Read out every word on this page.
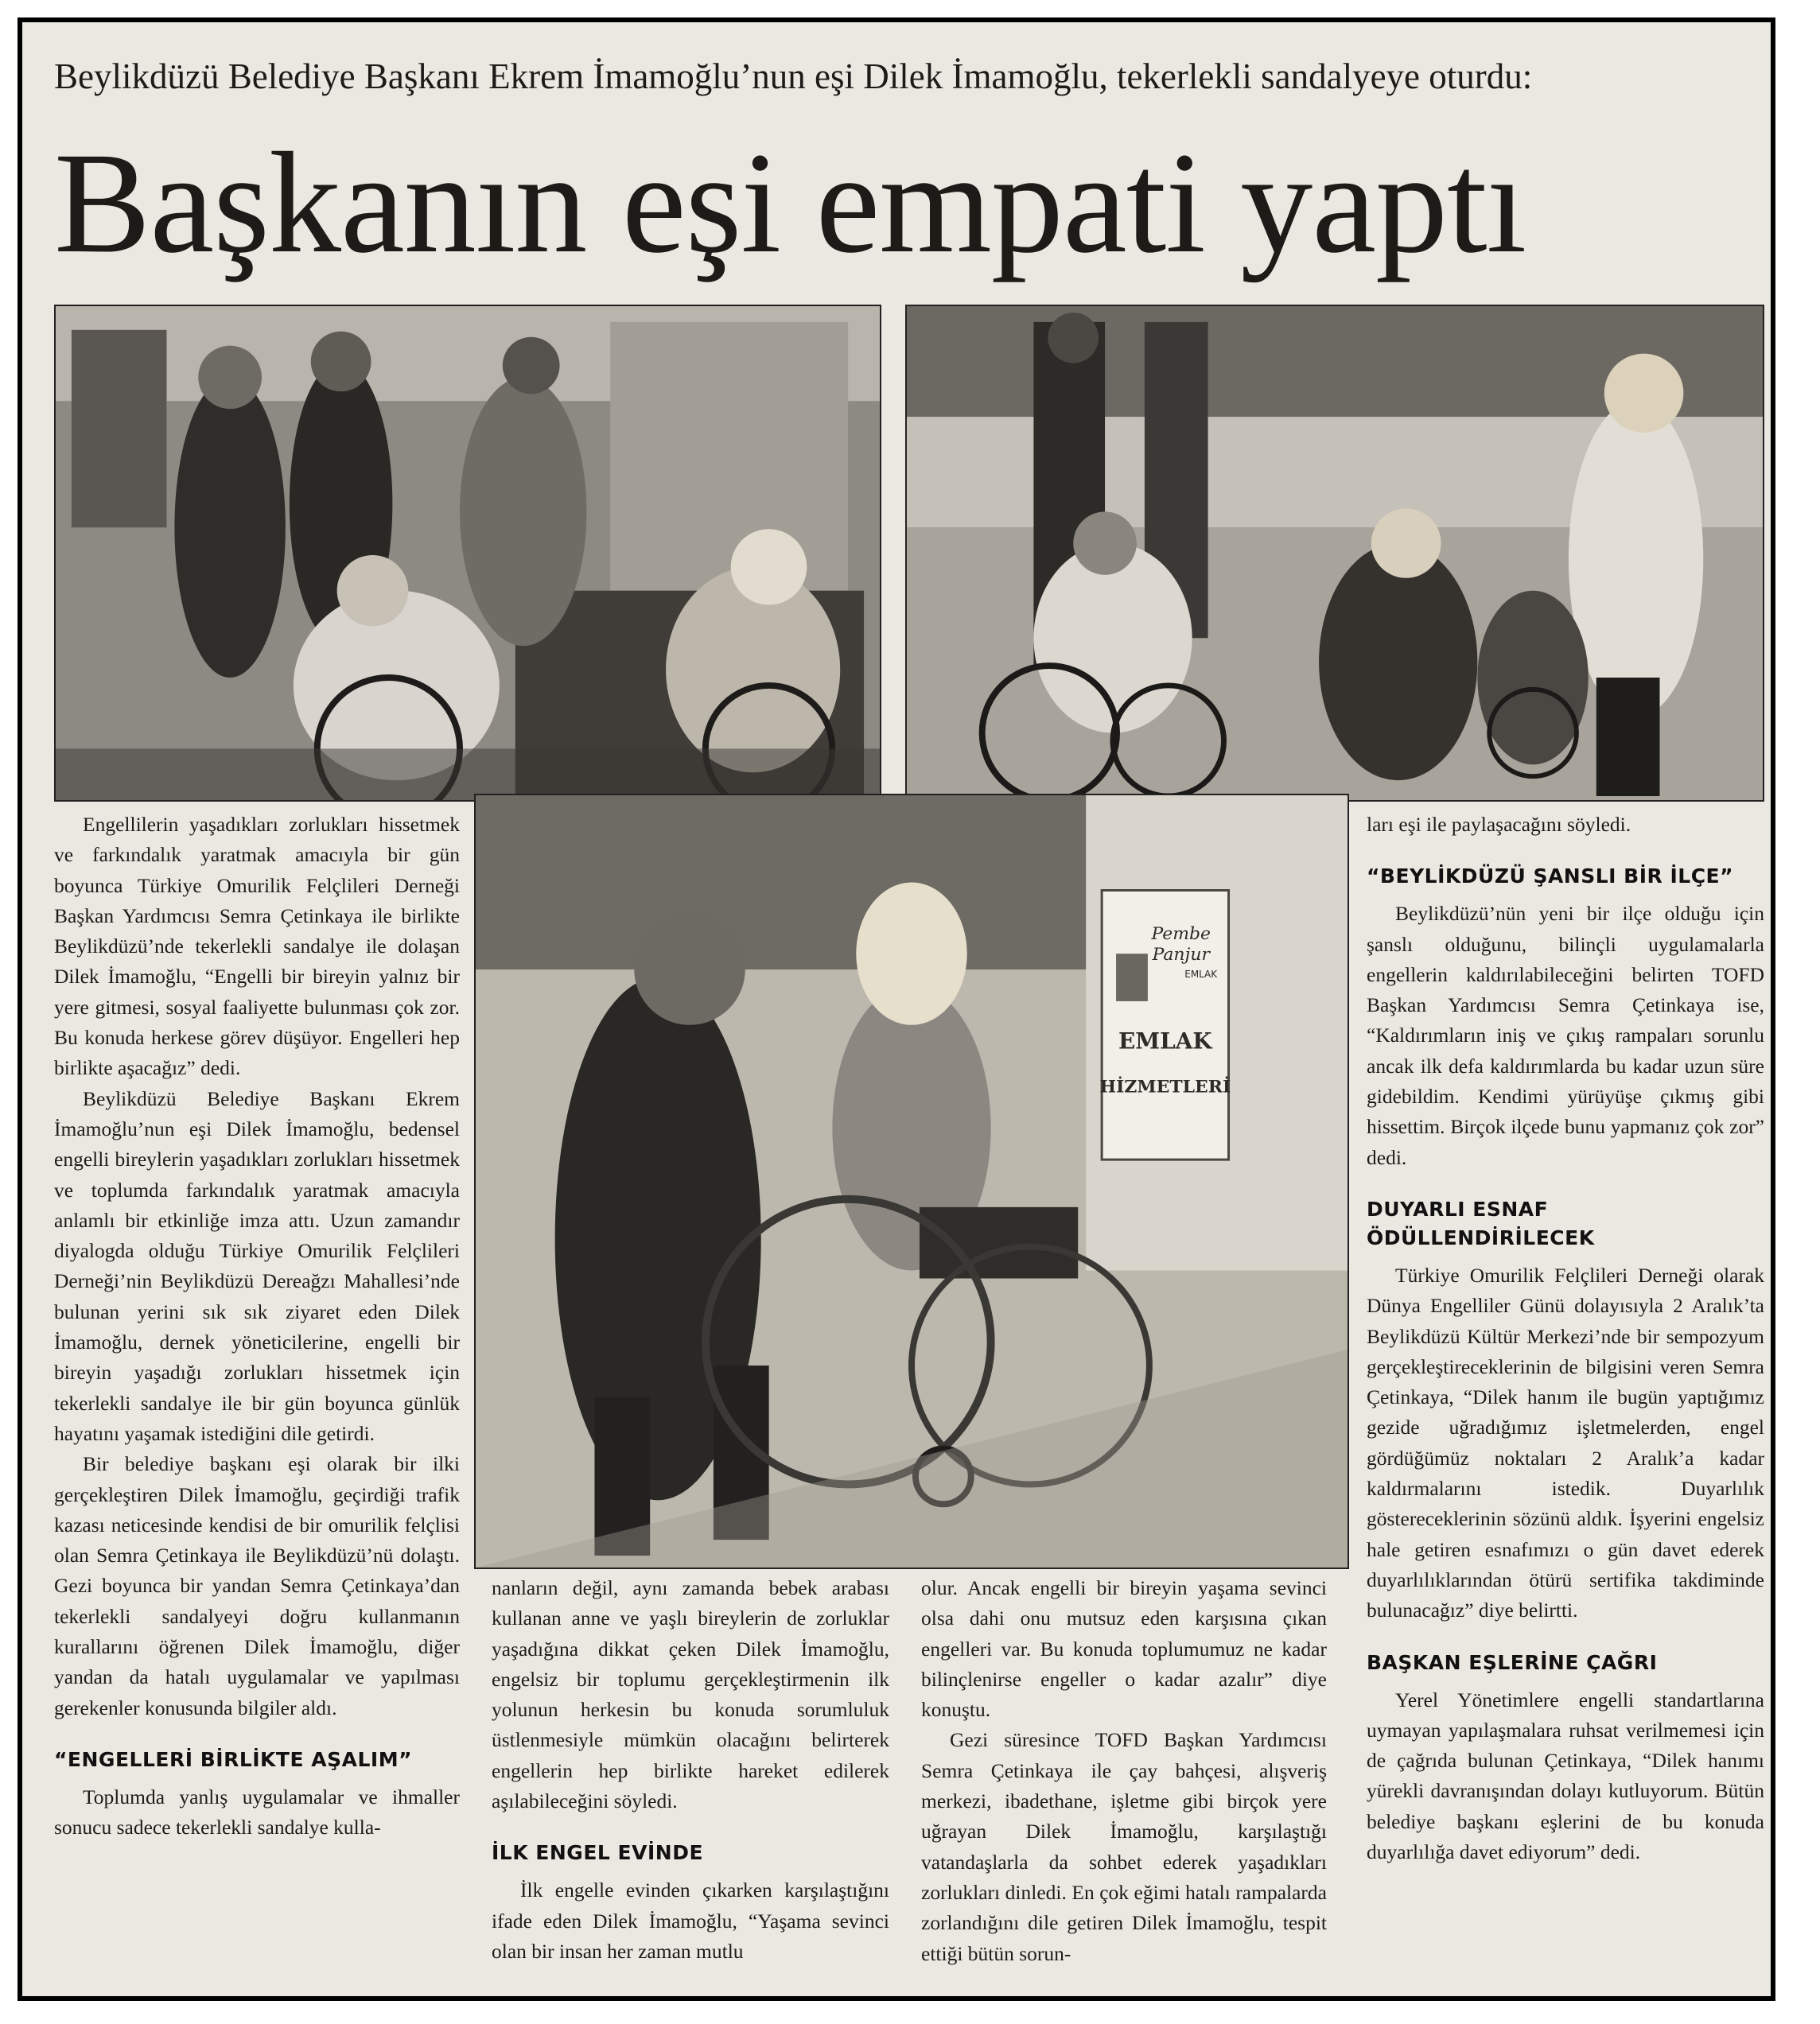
Beylikdüzü Belediye Başkanı Ekrem İmamoğlu’nun eşi Dilek İmamoğlu, tekerlekli sandalyeye oturdu:
Başkanın eşi empati yaptı
Pembe
Panjur
EMLAK
EMLAK
HİZMETLERİ

Engellilerin yaşadıkları zorlukları hissetmek ve farkındalık yaratmak amacıyla bir gün boyunca Türkiye Omurilik Felçlileri Derneği Başkan Yardımcısı Semra Çetinkaya ile birlikte Beylikdüzü’nde tekerlekli sandalye ile dolaşan Dilek İmamoğlu, “Engelli bir bireyin yalnız bir yere gitmesi, sosyal faaliyette bulunması çok zor. Bu konuda herkese görev düşüyor. Engelleri hep birlikte aşacağız” dedi.

Beylikdüzü Belediye Başkanı Ekrem İmamoğlu’nun eşi Dilek İmamoğlu, bedensel engelli bireylerin yaşadıkları zorlukları hissetmek ve toplumda farkındalık yaratmak amacıyla anlamlı bir etkinliğe imza attı. Uzun zamandır diyalogda olduğu Türkiye Omurilik Felçlileri Derneği’nin Beylikdüzü Dereağzı Mahallesi’nde bulunan yerini sık sık ziyaret eden Dilek İmamoğlu, dernek yöneticilerine, engelli bir bireyin yaşadığı zorlukları hissetmek için tekerlekli sandalye ile bir gün boyunca günlük hayatını yaşamak istediğini dile getirdi.

Bir belediye başkanı eşi olarak bir ilki gerçekleştiren Dilek İmamoğlu, geçirdiği trafik kazası neticesinde kendisi de bir omurilik felçlisi olan Semra Çetinkaya ile Beylikdüzü’nü dolaştı. Gezi boyunca bir yandan Semra Çetinkaya’dan tekerlekli sandalyeyi doğru kullanmanın kurallarını öğrenen Dilek İmamoğlu, diğer yandan da hatalı uygulamalar ve yapılması gerekenler konusunda bilgiler aldı.

“ENGELLERİ BİRLİKTE AŞALIM”

Toplumda yanlış uygulamalar ve ihmaller sonucu sadece tekerlekli sandalye kulla-

nanların değil, aynı zamanda bebek arabası kullanan anne ve yaşlı bireylerin de zorluklar yaşadığına dikkat çeken Dilek İmamoğlu, engelsiz bir toplumu gerçekleştirmenin ilk yolunun herkesin bu konuda sorumluluk üstlenmesiyle mümkün olacağını belirterek engellerin hep birlikte hareket edilerek aşılabileceğini söyledi.

İLK ENGEL EVİNDE

İlk engelle evinden çıkarken karşılaştığını ifade eden Dilek İmamoğlu, “Yaşama sevinci olan bir insan her zaman mutlu

olur. Ancak engelli bir bireyin yaşama sevinci olsa dahi onu mutsuz eden karşısına çıkan engelleri var. Bu konuda toplumumuz ne kadar bilinçlenirse engeller o kadar azalır” diye konuştu.

Gezi süresince TOFD Başkan Yardımcısı Semra Çetinkaya ile çay bahçesi, alışveriş merkezi, ibadethane, işletme gibi birçok yere uğrayan Dilek İmamoğlu, karşılaştığı vatandaşlarla da sohbet ederek yaşadıkları zorlukları dinledi. En çok eğimi hatalı rampalarda zorlandığını dile getiren Dilek İmamoğlu, tespit ettiği bütün sorun-

ları eşi ile paylaşacağını söyledi.

“BEYLİKDÜZÜ ŞANSLI BİR İLÇE”

Beylikdüzü’nün yeni bir ilçe olduğu için şanslı olduğunu, bilinçli uygulamalarla engellerin kaldırılabileceğini belirten TOFD Başkan Yardımcısı Semra Çetinkaya ise, “Kaldırımların iniş ve çıkış rampaları sorunlu ancak ilk defa kaldırımlarda bu kadar uzun süre gidebildim. Kendimi yürüyüşe çıkmış gibi hissettim. Birçok ilçede bunu yapmanız çok zor” dedi.

DUYARLI ESNAF ÖDÜLLENDİRİLECEK

Türkiye Omurilik Felçlileri Derneği olarak Dünya Engelliler Günü dolayısıyla 2 Aralık’ta Beylikdüzü Kültür Merkezi’nde bir sempozyum gerçekleştireceklerinin de bilgisini veren Semra Çetinkaya, “Dilek hanım ile bugün yaptığımız gezide uğradığımız işletmelerden, engel gördüğümüz noktaları 2 Aralık’a kadar kaldırmalarını istedik. Duyarlılık göstereceklerinin sözünü aldık. İşyerini engelsiz hale getiren esnafımızı o gün davet ederek duyarlılıklarından ötürü sertifika takdiminde bulunacağız” diye belirtti.

BAŞKAN EŞLERİNE ÇAĞRI

Yerel Yönetimlere engelli standartlarına uymayan yapılaşmalara ruhsat verilmemesi için de çağrıda bulunan Çetinkaya, “Dilek hanımı yürekli davranışından dolayı kutluyorum. Bütün belediye başkanı eşlerini de bu konuda duyarlılığa davet ediyorum” dedi.
